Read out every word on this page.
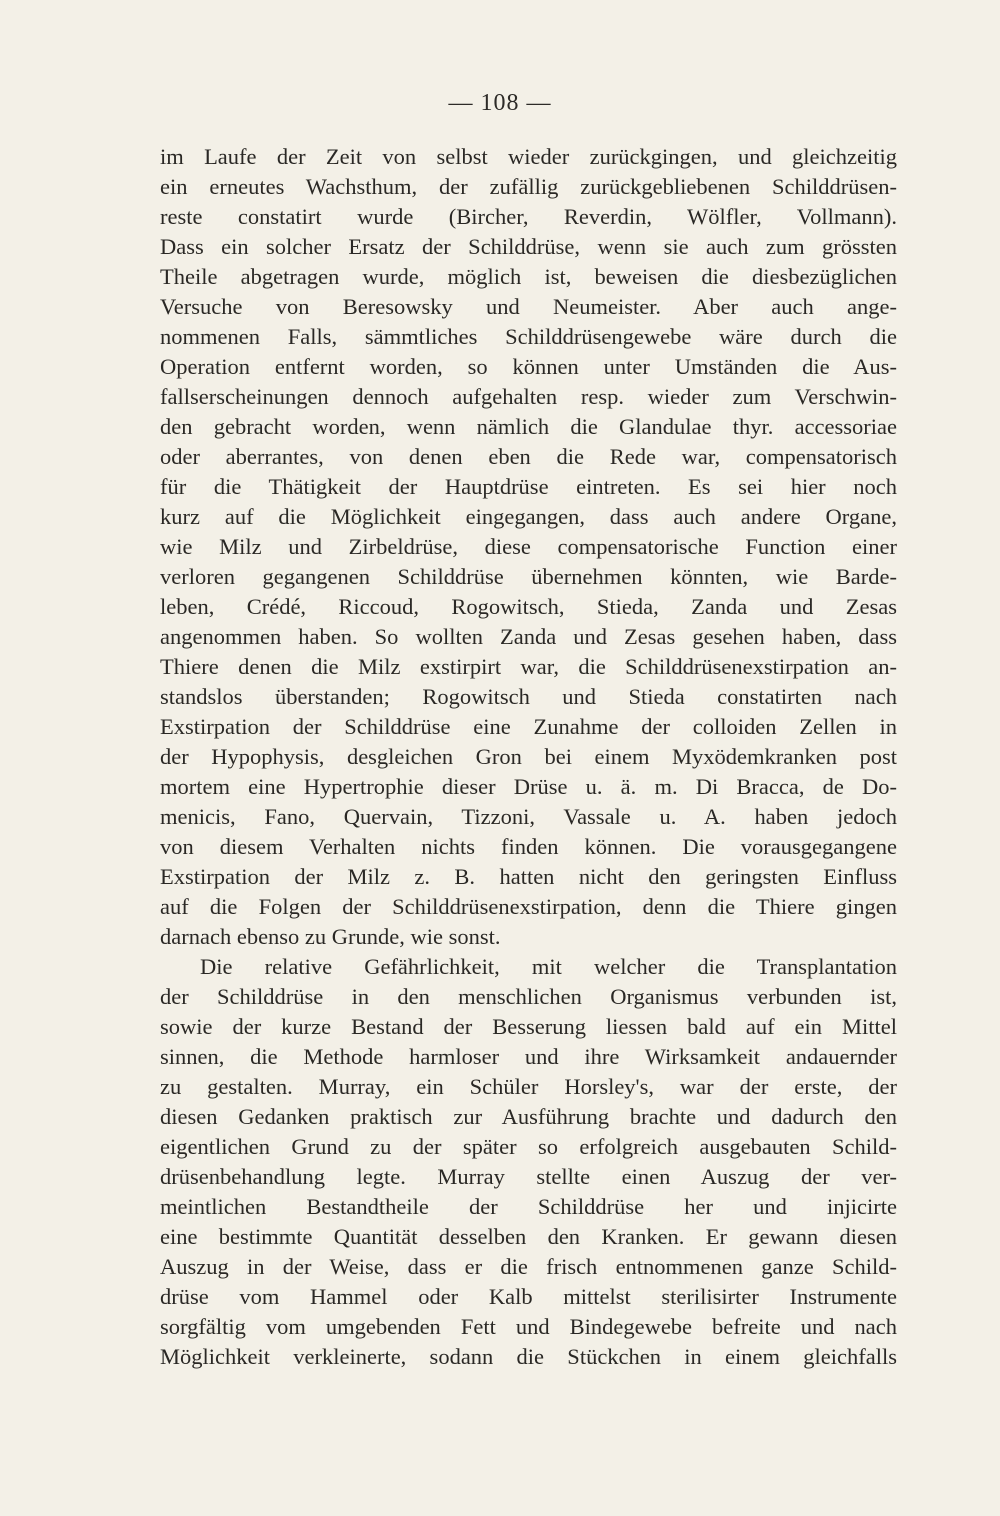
— 108 —
im Laufe der Zeit von selbst wieder zurückgingen, und gleichzeitig
ein erneutes Wachsthum, der zufällig zurückgebliebenen Schilddrüsen-
reste constatirt wurde (Bircher, Reverdin, Wölfler, Vollmann).
Dass ein solcher Ersatz der Schilddrüse, wenn sie auch zum grössten
Theile abgetragen wurde, möglich ist, beweisen die diesbezüglichen
Versuche von Beresowsky und Neumeister. Aber auch ange-
nommenen Falls, sämmtliches Schilddrüsengewebe wäre durch die
Operation entfernt worden, so können unter Umständen die Aus-
fallserscheinungen dennoch aufgehalten resp. wieder zum Verschwin-
den gebracht worden, wenn nämlich die Glandulae thyr. accessoriae
oder aberrantes, von denen eben die Rede war, compensatorisch
für die Thätigkeit der Hauptdrüse eintreten. Es sei hier noch
kurz auf die Möglichkeit eingegangen, dass auch andere Organe,
wie Milz und Zirbeldrüse, diese compensatorische Function einer
verloren gegangenen Schilddrüse übernehmen könnten, wie Barde-
leben, Crédé, Riccoud, Rogowitsch, Stieda, Zanda und Zesas
angenommen haben. So wollten Zanda und Zesas gesehen haben, dass
Thiere denen die Milz exstirpirt war, die Schilddrüsenexstirpation an-
standslos überstanden; Rogowitsch und Stieda constatirten nach
Exstirpation der Schilddrüse eine Zunahme der colloiden Zellen in
der Hypophysis, desgleichen Gron bei einem Myxödemkranken post
mortem eine Hypertrophie dieser Drüse u. ä. m. Di Bracca, de Do-
menicis, Fano, Quervain, Tizzoni, Vassale u. A. haben jedoch
von diesem Verhalten nichts finden können. Die vorausgegangene
Exstirpation der Milz z. B. hatten nicht den geringsten Einfluss
auf die Folgen der Schilddrüsenexstirpation, denn die Thiere gingen
darnach ebenso zu Grunde, wie sonst.
Die relative Gefährlichkeit, mit welcher die Transplantation
der Schilddrüse in den menschlichen Organismus verbunden ist,
sowie der kurze Bestand der Besserung liessen bald auf ein Mittel
sinnen, die Methode harmloser und ihre Wirksamkeit andauernder
zu gestalten. Murray, ein Schüler Horsley's, war der erste, der
diesen Gedanken praktisch zur Ausführung brachte und dadurch den
eigentlichen Grund zu der später so erfolgreich ausgebauten Schild-
drüsenbehandlung legte. Murray stellte einen Auszug der ver-
meintlichen Bestandtheile der Schilddrüse her und injicirte
eine bestimmte Quantität desselben den Kranken. Er gewann diesen
Auszug in der Weise, dass er die frisch entnommenen ganze Schild-
drüse vom Hammel oder Kalb mittelst sterilisirter Instrumente
sorgfältig vom umgebenden Fett und Bindegewebe befreite und nach
Möglichkeit verkleinerte, sodann die Stückchen in einem gleichfalls
